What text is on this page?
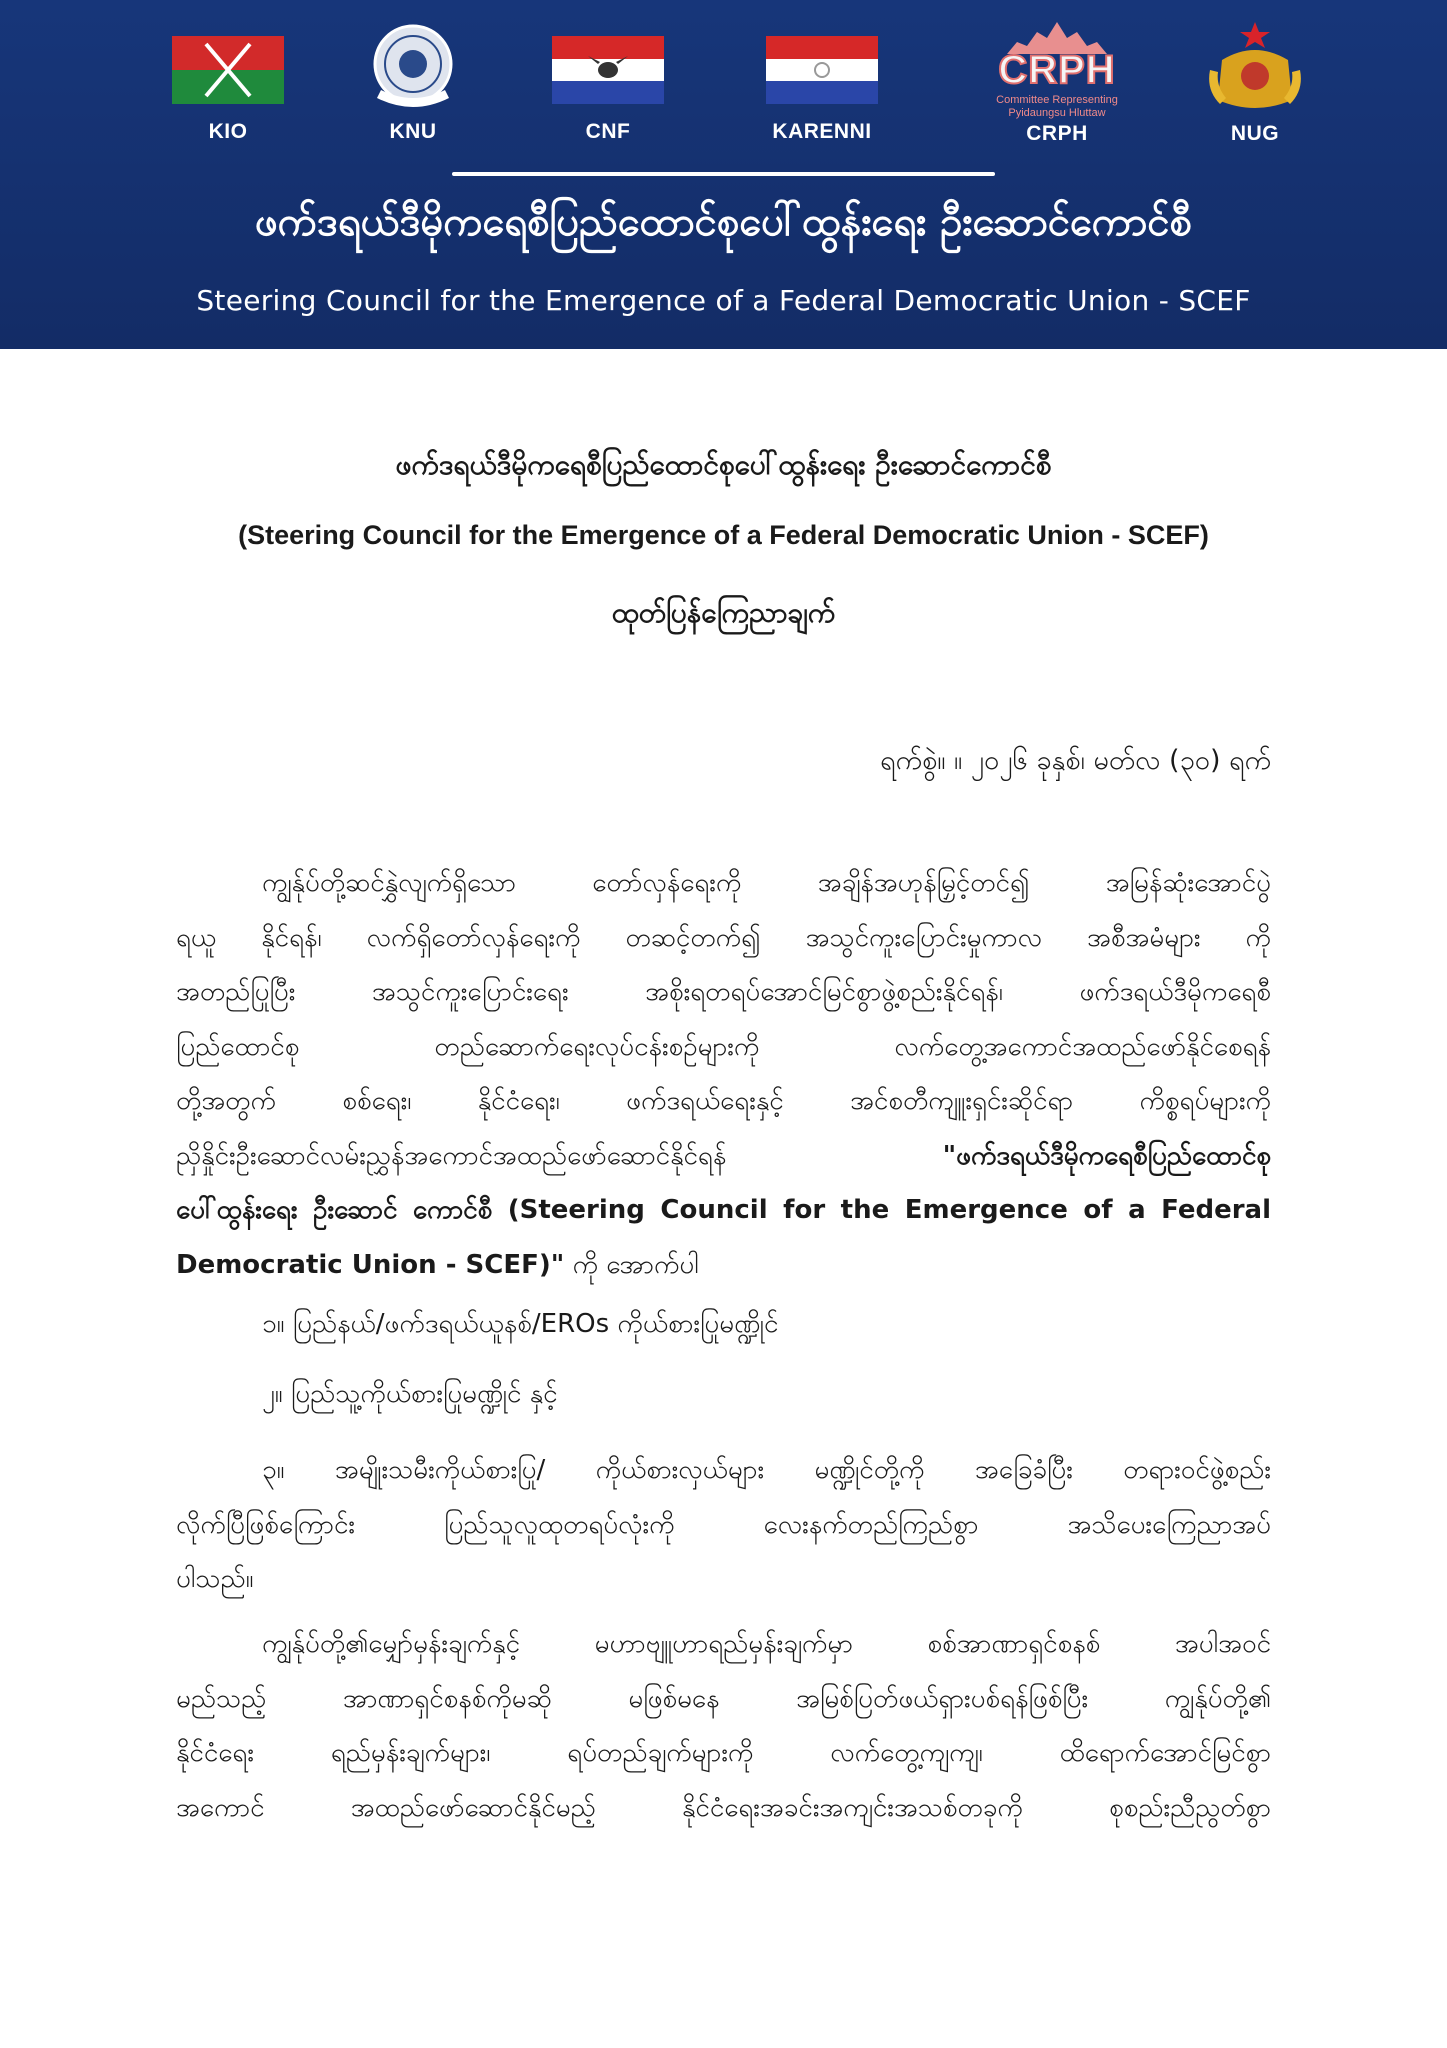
KIO	KNU	CNF	KARENNI
CRPH
Committee Representing
Pyidaungsu Hluttaw
CRPH	NUG
ဖက်ဒရယ်ဒီမိုကရေစီပြည်ထောင်စုပေါ်ထွန်းရေး ဦးဆောင်ကောင်စီ
Steering Council for the Emergence of a Federal Democratic Union - SCEF
ဖက်ဒရယ်ဒီမိုကရေစီပြည်ထောင်စုပေါ်ထွန်းရေး ဦးဆောင်ကောင်စီ
(Steering Council for the Emergence of a Federal Democratic Union - SCEF)
ထုတ်ပြန်ကြေညာချက်
ရက်စွဲ။ ။ ၂၀၂၆ ခုနှစ်၊ မတ်လ (၃၀) ရက်
ကျွန်ုပ်တို့ဆင်နွှဲလျက်ရှိသော တော်လှန်ရေးကို အချိန်အဟုန်မြှင့်တင်၍ အမြန်ဆုံးအောင်ပွဲ
ရယူ နိုင်ရန်၊ လက်ရှိတော်လှန်ရေးကို တဆင့်တက်၍ အသွင်ကူးပြောင်းမှုကာလ အစီအမံများ ကို
အတည်ပြုပြီး အသွင်ကူးပြောင်းရေး အစိုးရတရပ်အောင်မြင်စွာဖွဲ့စည်းနိုင်ရန်၊ ဖက်ဒရယ်ဒီမိုကရေစီ
ပြည်ထောင်စု တည်ဆောက်ရေးလုပ်ငန်းစဉ်များကို လက်တွေ့အကောင်အထည်ဖော်နိုင်စေရန်
တို့အတွက် စစ်ရေး၊ နိုင်ငံရေး၊ ဖက်ဒရယ်ရေးနှင့် အင်စတီကျူးရှင်းဆိုင်ရာ ကိစ္စရပ်များကို
ညှိနှိုင်းဦးဆောင်လမ်းညွှန်အကောင်အထည်ဖော်ဆောင်နိုင်ရန်	"ဖက်ဒရယ်ဒီမိုကရေစီပြည်ထောင်စု
ပေါ်ထွန်းရေး ဦးဆောင် ကောင်စီ (Steering Council for the Emergence of a Federal
Democratic Union - SCEF)" ကို အောက်ပါ
၁။ ပြည်နယ်/ဖက်ဒရယ်ယူနစ်/EROs ကိုယ်စားပြုမဏ္ဍိုင်
၂။ ပြည်သူ့ကိုယ်စားပြုမဏ္ဍိုင် နှင့်
၃။ အမျိုးသမီးကိုယ်စားပြု/ ကိုယ်စားလှယ်များ မဏ္ဍိုင်တို့ကို အခြေခံပြီး တရားဝင်ဖွဲ့စည်း
လိုက်ပြီဖြစ်ကြောင်း ပြည်သူလူထုတရပ်လုံးကို လေးနက်တည်ကြည်စွာ အသိပေးကြေညာအပ်
ပါသည်။
ကျွန်ုပ်တို့၏မျှော်မှန်းချက်နှင့် မဟာဗျူဟာရည်မှန်းချက်မှာ စစ်အာဏာရှင်စနစ် အပါအဝင်
မည်သည့် အာဏာရှင်စနစ်ကိုမဆို မဖြစ်မနေ အမြစ်ပြတ်ဖယ်ရှားပစ်ရန်ဖြစ်ပြီး ကျွန်ုပ်တို့၏
နိုင်ငံရေး ရည်မှန်းချက်များ၊ ရပ်တည်ချက်များကို လက်တွေ့ကျကျ၊ ထိရောက်အောင်မြင်စွာ
အကောင် အထည်ဖော်ဆောင်နိုင်မည့် နိုင်ငံရေးအခင်းအကျင်းအသစ်တခုကို စုစည်းညီညွတ်စွာ
